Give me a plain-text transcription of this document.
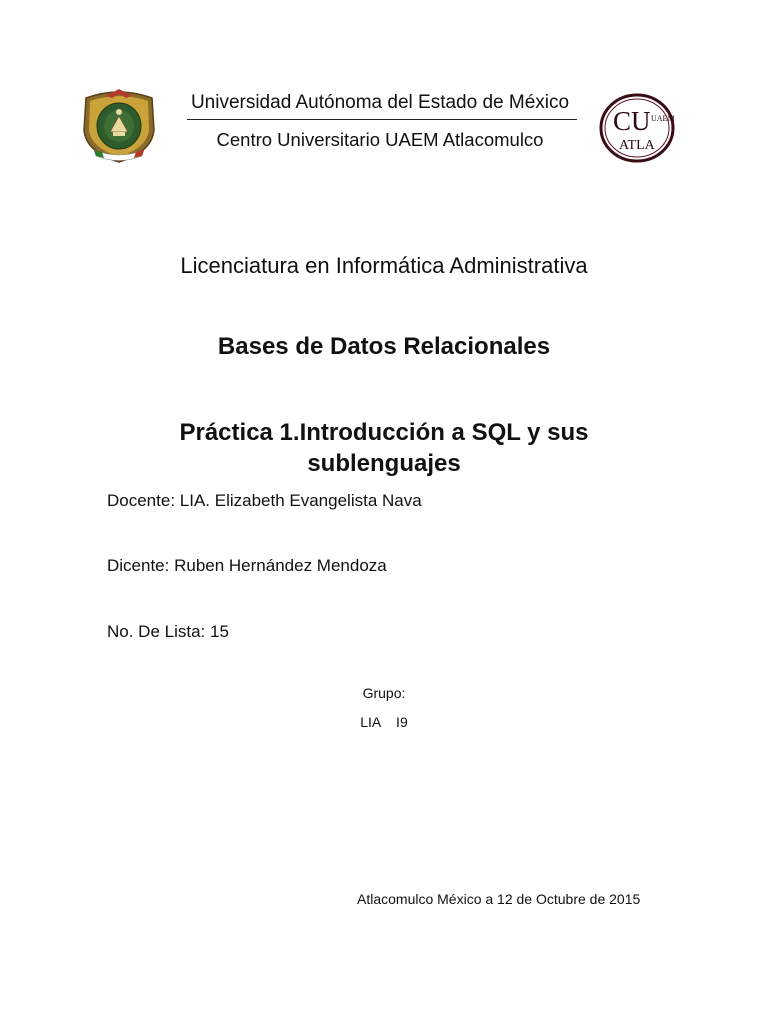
Universidad Autónoma del Estado de México
Centro Universitario UAEM Atlacomulco
CU UAEM
ATLA
Licenciatura en Informática Administrativa
Bases de Datos Relacionales
Práctica 1.Introducción a SQL y sus sublenguajes
Docente: LIA. Elizabeth Evangelista Nava
Dicente: Ruben Hernández Mendoza
No. De Lista: 15
Grupo:
LIA    I9
Atlacomulco México a 12 de Octubre de 2015
